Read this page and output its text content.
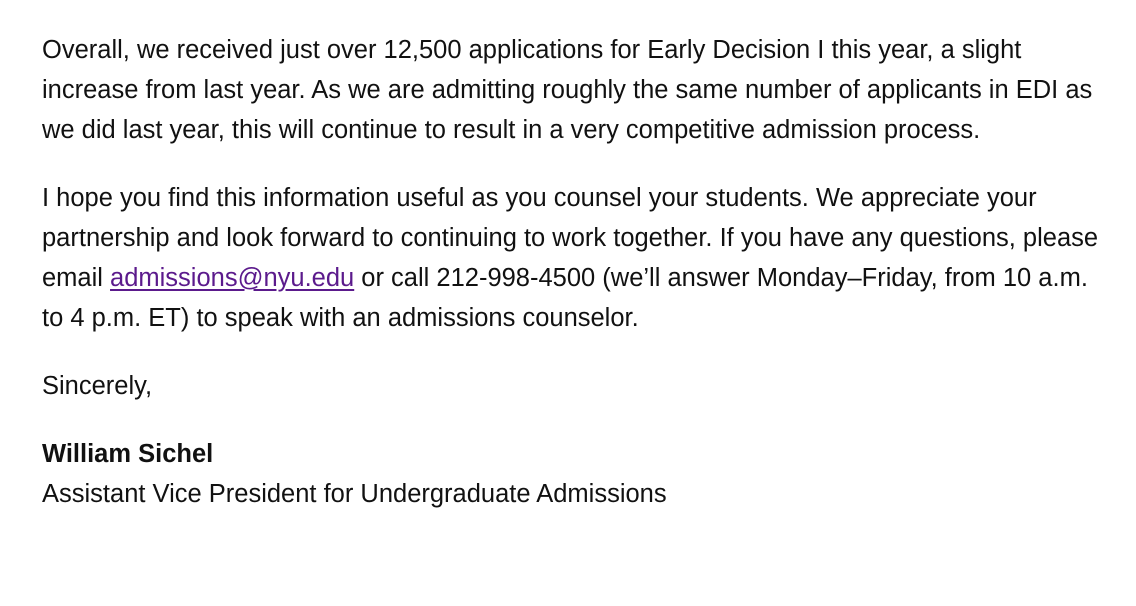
Overall, we received just over 12,500 applications for Early Decision I this year, a slight increase from last year. As we are admitting roughly the same number of applicants in EDI as we did last year, this will continue to result in a very competitive admission process.

I hope you find this information useful as you counsel your students. We appreciate your partnership and look forward to continuing to work together. If you have any questions, please email admissions@nyu.edu or call 212-998-4500 (we’ll answer Monday–Friday, from 10 a.m. to 4 p.m. ET) to speak with an admissions counselor.

Sincerely,

William Sichel
Assistant Vice President for Undergraduate Admissions
